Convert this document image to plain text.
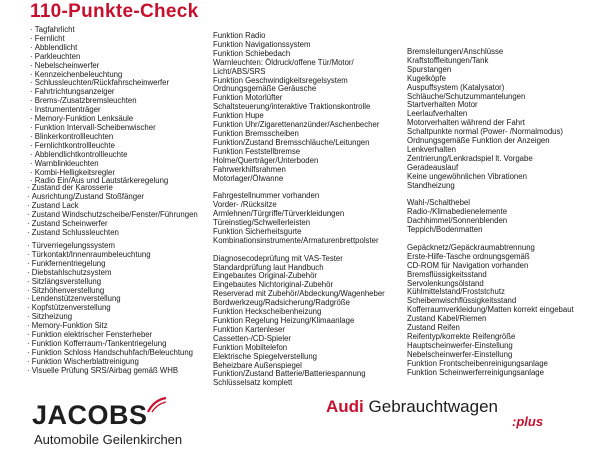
110-Punkte-Check
· Tagfahrlicht
· Fernlicht
· Abblendlicht
· Parkleuchten
· Nebelscheinwerfer
· Kennzeichenbeleuchtung
· Schlussleuchten/Rückfahrscheinwerfer
· Fahrtrichtungsanzeiger
· Brems-/Zusatzbremsleuchten
· Instrumententräger
· Memory-Funktion Lenksäule
· Funktion Intervall-Scheibenwischer
· Blinkerkontrollleuchten
· Fernlichtkontrollleuchte
· Abblendlichtkontrollleuchte
· Warnblinkleuchten
· Kombi-Helligkeitsregler
· Radio Ein/Aus und Lautstärkeregelung
· Zustand der Karosserie
· Ausrichtung/Zustand Stoßfänger
· Zustand Lack
· Zustand Windschutzscheibe/Fenster/Führungen
· Zustand Scheinwerfer
· Zustand Schlussleuchten
· Türverriegelungssystem
· Türkontakt/Innenraumbeleuchtung
· Funkfernentriegelung
· Diebstahlschutzsystem
· Sitzlängsverstellung
· Sitzhöhenverstellung
· Lendenstützenverstellung
· Kopfstützenverstellung
· Sitzheizung
· Memory-Funktion Sitz
· Funktion elektrischer Fensterheber
· Funktion Kofferraum-/Tankentriegelung
· Funktion Schloss Handschuhfach/Beleuchtung
· Funktion Wischerblattreinigung
· Visuelle Prüfung SRS/Airbag gemäß WHB
Funktion Radio
Funktion Navigationssystem
Funktion Schiebedach
Warnleuchten: Öldruck/offene Tür/Motor/
Licht/ABS/SRS
Funktion Geschwindigkeitsregelsystem
Ordnungsgemäße Geräusche
Funktion Motorlüfter
Schaltsteuerung/interaktive Traktionskontrolle
Funktion Hupe
Funktion Uhr/Zigarettenanzünder/Aschenbecher
Funktion Bremsscheiben
Funktion/Zustand Bremsschläuche/Leitungen
Funktion Feststellbremse
Holme/Querträger/Unterboden
Fahrwerkhilfsrahmen
Motorlager/Ölwanne
Fahrgestellnummer vorhanden
Vorder- /Rücksitze
Armlehnen/Türgriffe/Türverkleidungen
Türeinstieg/Schwellerleisten
Funktion Sicherheitsgurte
Kombinationsinstrumente/Armaturenbrettpolster
Diagnosecodeprüfung mit VAS-Tester
Standardprüfung laut Handbuch
Eingebautes Original-Zubehör
Eingebautes Nichtoriginal-Zubehör
Reserverad mit Zubehör/Abdeckung/Wagenheber
Bordwerkzeug/Radsicherung/Radgröße
Funktion Heckscheibenheizung
Funktion Regelung Heizung/Klimaanlage
Funktion Kartenleser
Cassetten-/CD-Spieler
Funktion Mobiltelefon
Elektrische Spiegelverstellung
Beheizbare Außenspiegel
Funktion/Zustand Batterie/Batteriespannung
Schlüsselsatz komplett
Bremsleitungen/Anschlüsse
Kraftstoffleitungen/Tank
Spurstangen
Kugelköpfe
Auspuffsystem (Katalysator)
Schläuche/Schutzummantelungen
Startverhalten Motor
Leerlaufverhalten
Motorverhalten während der Fahrt
Schaltpunkte normal (Power- /Normalmodus)
Ordnungsgemäße Funktion der Anzeigen
Lenkverhalten
Zentrierung/Lenkradspiel lt. Vorgabe
Geradeauslauf
Keine ungewöhnlichen Vibrationen
Standheizung
Wahl-/Schalthebel
Radio-/Klimabedienelemente
Dachhimmel/Sonnenblenden
Teppich/Bodenmatten
Gepäcknetz/Gepäckraumabtrennung
Erste-Hilfe-Tasche ordnungsgemäß
CD-ROM für Navigation vorhanden
Bremsflüssigkeitsstand
Servolenkungsölstand
Kühlmittelstand/Froststchutz
Scheibenwischflüssigkeitsstand
Kofferraumverkleidung/Matten korrekt eingebaut
Zustand Kabel/Riemen
Zustand Reifen
Reifentyp/korrekte Reifengröße
Hauptscheinwerfer-Einstellung
Nebelscheinwerfer-Einstellung
Funktion Frontscheibenreinigungsanlage
Funktion Scheinwerferreinigungsanlage
JACOBS
Automobile Geilenkirchen
Audi Gebrauchtwagen
:plus
